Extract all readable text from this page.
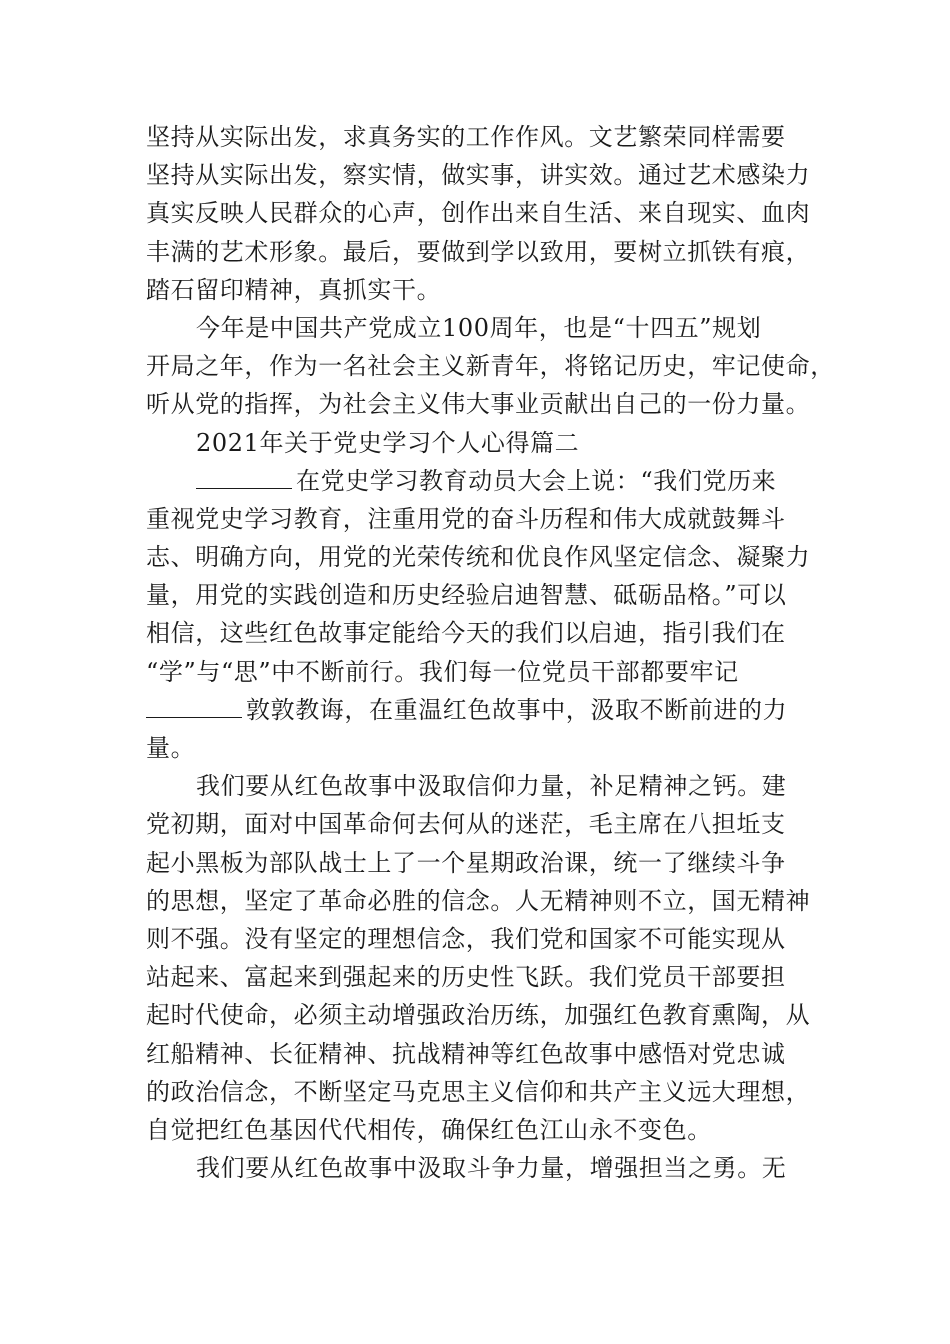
坚持从实际出发，求真务实的工作作风。文艺繁荣同样需要
坚持从实际出发，察实情，做实事，讲实效。通过艺术感染力
真实反映人民群众的心声，创作出来自生活、来自现实、血肉
丰满的艺术形象。最后，要做到学以致用，要树立抓铁有痕，
踏石留印精神，真抓实干。
今年是中国共产党成立100周年，也是“十四五”规划
开局之年，作为一名社会主义新青年，将铭记历史，牢记使命，
听从党的指挥，为社会主义伟大事业贡献出自己的一份力量。
2021年关于党史学习个人心得篇二
在党史学习教育动员大会上说：“我们党历来
重视党史学习教育，注重用党的奋斗历程和伟大成就鼓舞斗
志、明确方向，用党的光荣传统和优良作风坚定信念、凝聚力
量，用党的实践创造和历史经验启迪智慧、砥砺品格。”可以
相信，这些红色故事定能给今天的我们以启迪，指引我们在
“学”与“思”中不断前行。我们每一位党员干部都要牢记
敦敦教诲，在重温红色故事中，汲取不断前进的力
量。
我们要从红色故事中汲取信仰力量，补足精神之钙。建
党初期，面对中国革命何去何从的迷茫，毛主席在八担坵支
起小黑板为部队战士上了一个星期政治课，统一了继续斗争
的思想，坚定了革命必胜的信念。人无精神则不立，国无精神
则不强。没有坚定的理想信念，我们党和国家不可能实现从
站起来、富起来到强起来的历史性飞跃。我们党员干部要担
起时代使命，必须主动增强政治历练，加强红色教育熏陶，从
红船精神、长征精神、抗战精神等红色故事中感悟对党忠诚
的政治信念，不断坚定马克思主义信仰和共产主义远大理想，
自觉把红色基因代代相传，确保红色江山永不变色。
我们要从红色故事中汲取斗争力量，增强担当之勇。无
